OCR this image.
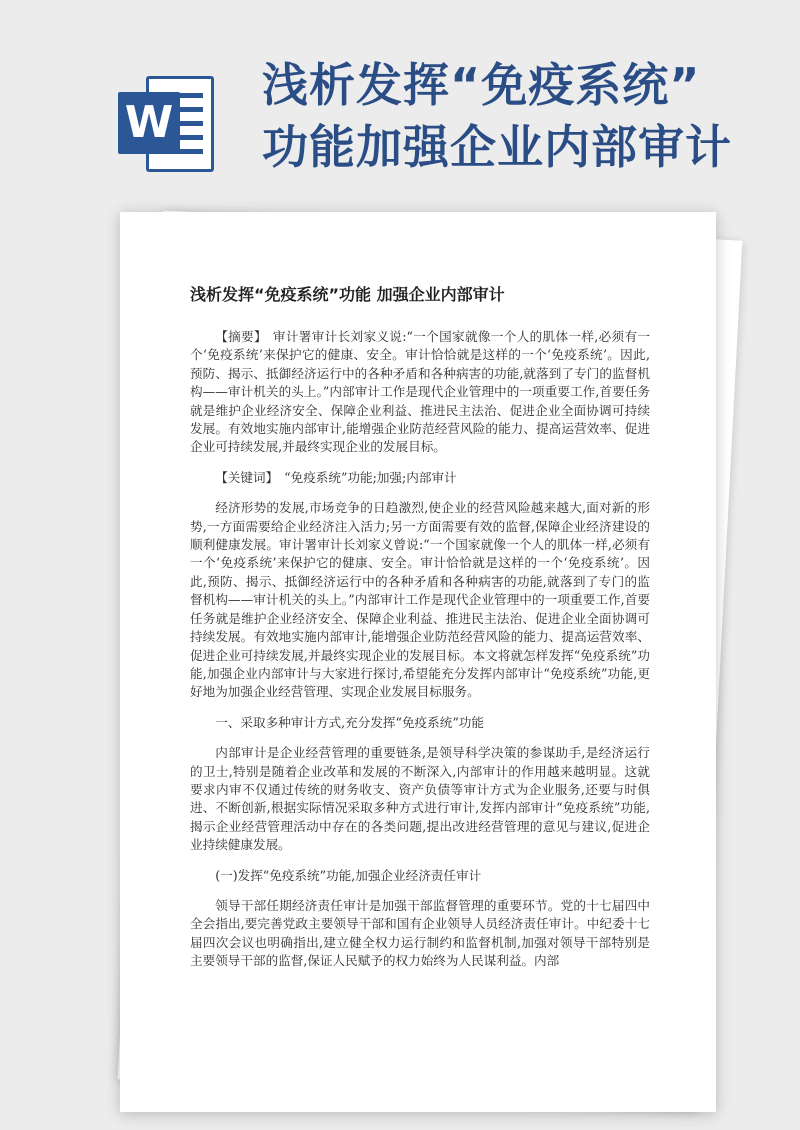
W
浅析发挥“免疫系统”
功能加强企业内部审计
浅析发挥“免疫系统”功能 加强企业内部审计

【摘要】 审计署审计长刘家义说:“一个国家就像一个人的肌体一样,必须有一个‘免疫系统’来保护它的健康、安全。审计恰恰就是这样的一个‘免疫系统’。因此,预防、揭示、抵御经济运行中的各种矛盾和各种病害的功能,就落到了专门的监督机构——审计机关的头上。”内部审计工作是现代企业管理中的一项重要工作,首要任务就是维护企业经济安全、保障企业利益、推进民主法治、促进企业全面协调可持续发展。有效地实施内部审计,能增强企业防范经营风险的能力、提高运营效率、促进企业可持续发展,并最终实现企业的发展目标。

【关键词】 “免疫系统”功能;加强;内部审计

经济形势的发展,市场竞争的日趋激烈,使企业的经营风险越来越大,面对新的形势,一方面需要给企业经济注入活力;另一方面需要有效的监督,保障企业经济建设的顺利健康发展。审计署审计长刘家义曾说:“一个国家就像一个人的肌体一样,必须有一个‘免疫系统’来保护它的健康、安全。审计恰恰就是这样的一个‘免疫系统’。因此,预防、揭示、抵御经济运行中的各种矛盾和各种病害的功能,就落到了专门的监督机构——审计机关的头上。”内部审计工作是现代企业管理中的一项重要工作,首要任务就是维护企业经济安全、保障企业利益、推进民主法治、促进企业全面协调可持续发展。有效地实施内部审计,能增强企业防范经营风险的能力、提高运营效率、促进企业可持续发展,并最终实现企业的发展目标。本文将就怎样发挥“免疫系统”功能,加强企业内部审计与大家进行探讨,希望能充分发挥内部审计“免疫系统”功能,更好地为加强企业经营管理、实现企业发展目标服务。

一、采取多种审计方式,充分发挥“免疫系统”功能

内部审计是企业经营管理的重要链条,是领导科学决策的参谋助手,是经济运行的卫士,特别是随着企业改革和发展的不断深入,内部审计的作用越来越明显。这就要求内审不仅通过传统的财务收支、资产负债等审计方式为企业服务,还要与时俱进、不断创新,根据实际情况采取多种方式进行审计,发挥内部审计“免疫系统”功能,揭示企业经营管理活动中存在的各类问题,提出改进经营管理的意见与建议,促进企业持续健康发展。

(一)发挥“免疫系统”功能,加强企业经济责任审计

领导干部任期经济责任审计是加强干部监督管理的重要环节。党的十七届四中全会指出,要完善党政主要领导干部和国有企业领导人员经济责任审计。中纪委十七届四次会议也明确指出,建立健全权力运行制约和监督机制,加强对领导干部特别是主要领导干部的监督,保证人民赋予的权力始终为人民谋利益。内部
